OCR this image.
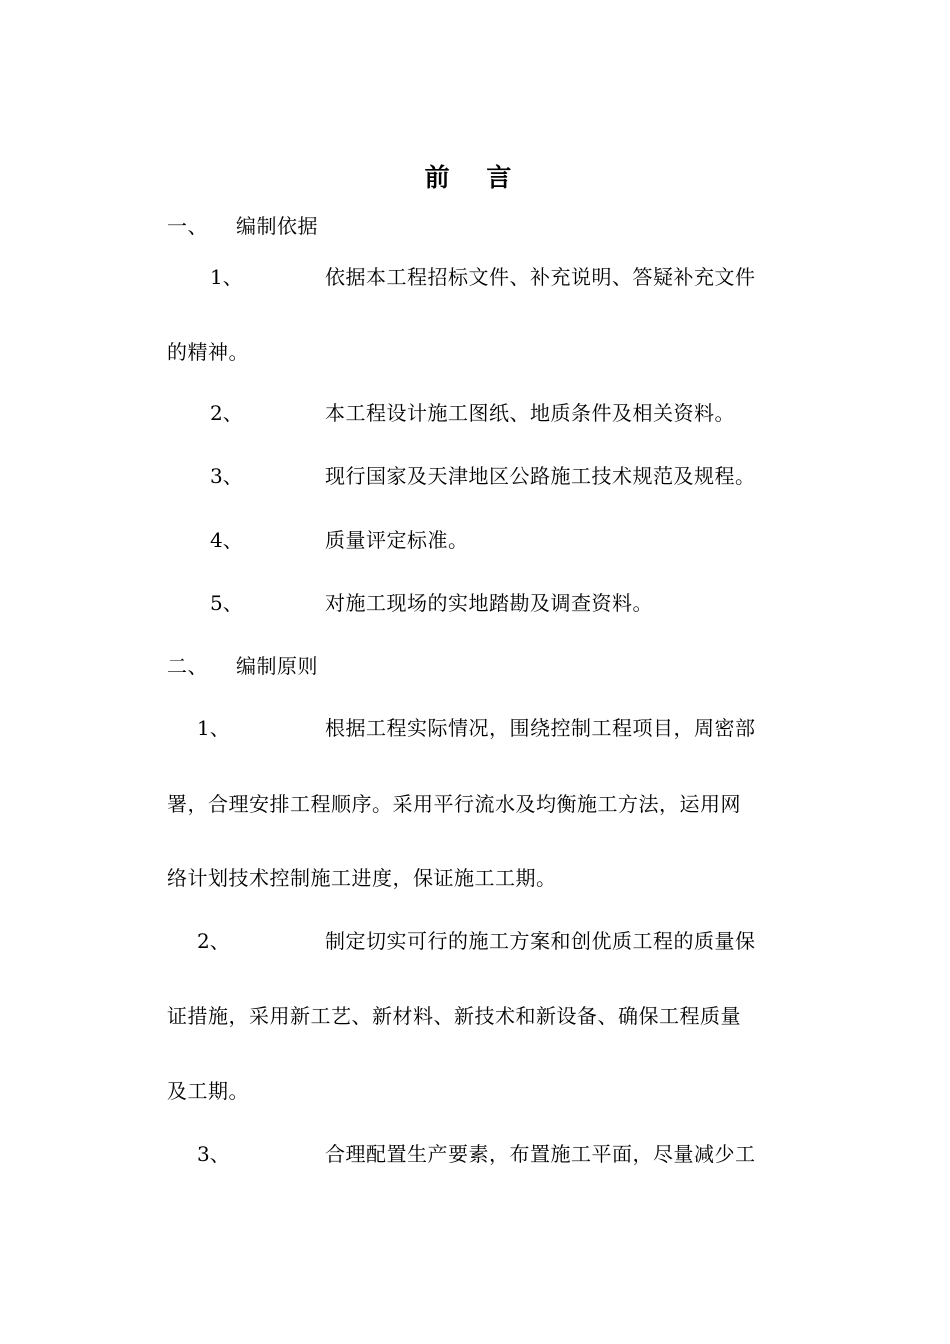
前 言
一、 编制依据
1、	依据本工程招标文件、补充说明、答疑补充文件
的精神。
2、	本工程设计施工图纸、地质条件及相关资料。
3、	现行国家及天津地区公路施工技术规范及规程。
4、	质量评定标准。
5、	对施工现场的实地踏勘及调查资料。
二、 编制原则
1、	根据工程实际情况，围绕控制工程项目，周密部
署，合理安排工程顺序。采用平行流水及均衡施工方法，运用网
络计划技术控制施工进度，保证施工工期。
2、	制定切实可行的施工方案和创优质工程的质量保
证措施，采用新工艺、新材料、新技术和新设备、确保工程质量
及工期。
3、	合理配置生产要素，布置施工平面，尽量减少工
